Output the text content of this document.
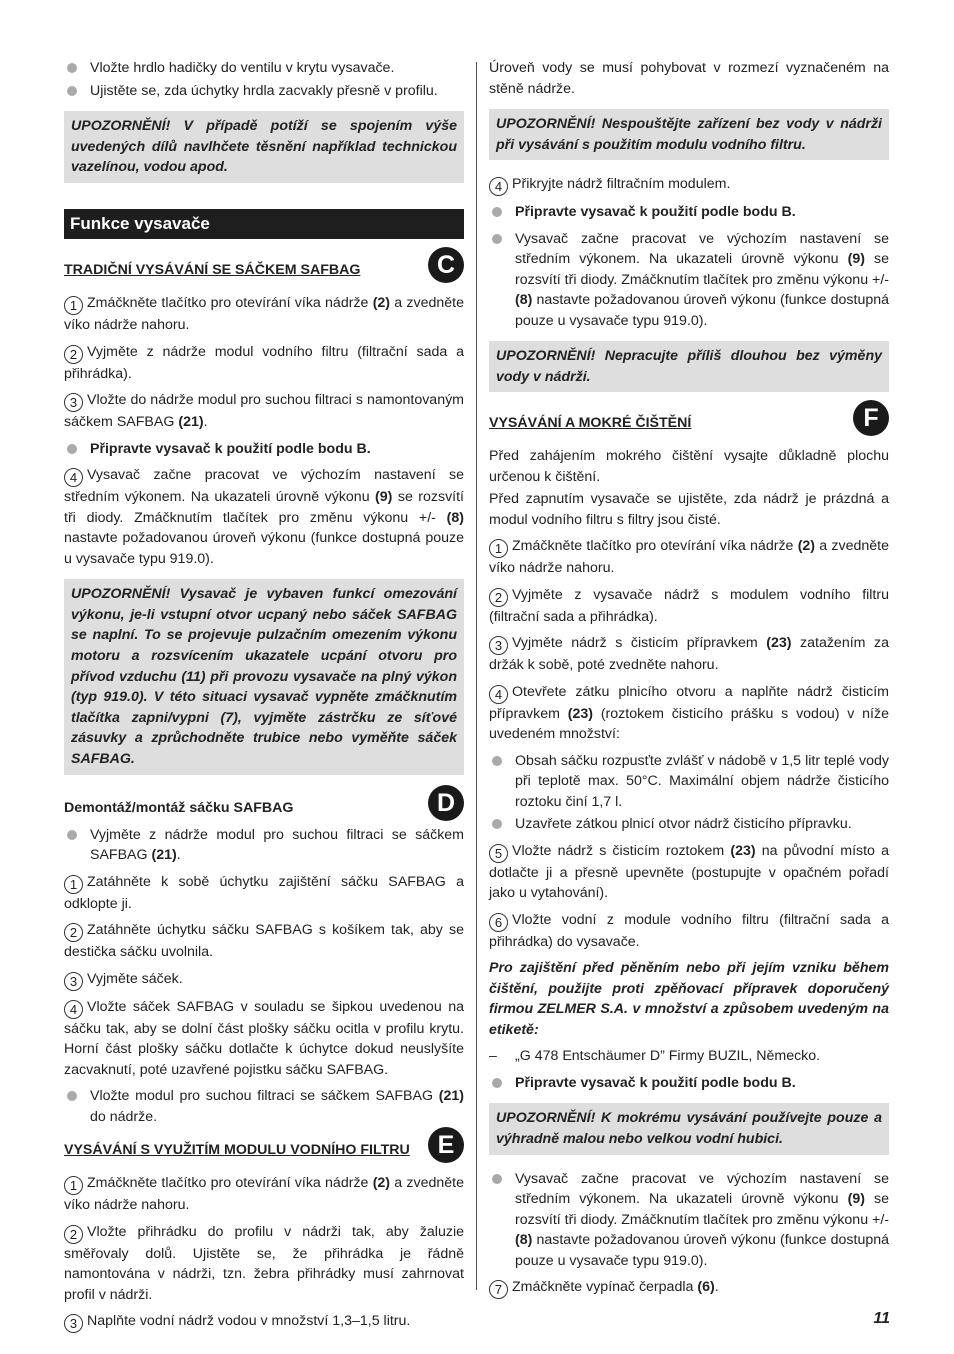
Vložte hrdlo hadičky do ventilu v krytu vysavače.
Ujistěte se, zda úchytky hrdla zacvakly přesně v profilu.
UPOZORNĚNÍ! V případě potíží se spojením výše uvedených dílů navlhčete těsnění například technickou vazelínou, vodou apod.
Funkce vysavače
TRADIČNÍ VYSÁVÁNÍ SE SÁČKEM SAFBAG	C

1 Zmáčkněte tlačítko pro otevírání víka nádrže (2) a zvedněte víko nádrže nahoru.

2 Vyjměte z nádrže modul vodního filtru (filtrační sada a přihrádka).

3 Vložte do nádrže modul pro suchou filtraci s namontovaným sáčkem SAFBAG (21).

Připravte vysavač k použití podle bodu B.

4 Vysavač začne pracovat ve výchozím nastavení se středním výkonem. Na ukazateli úrovně výkonu (9) se rozsvítí tři diody. Zmáčknutím tlačítek pro změnu výkonu +/- (8) nastavte požadovanou úroveň výkonu (funkce dostupná pouze u vysavače typu 919.0).

UPOZORNĚNÍ! Vysavač je vybaven funkcí omezování výkonu, je-li vstupní otvor ucpaný nebo sáček SAFBAG se naplní. To se projevuje pulzačním omezením výkonu motoru a rozsvícením ukazatele ucpání otvoru pro přívod vzduchu (11) při provozu vysavače na plný výkon (typ 919.0). V této situaci vysavač vypněte zmáčknutím tlačítka zapni/vypni (7), vyjměte zástrčku ze síťové zásuvky a zprůchodněte trubice nebo vyměňte sáček SAFBAG.
Demontáž/montáž sáčku SAFBAG	D
Vyjměte z nádrže modul pro suchou filtraci se sáčkem SAFBAG (21).

1 Zatáhněte k sobě úchytku zajištění sáčku SAFBAG a odklopte ji.

2 Zatáhněte úchytku sáčku SAFBAG s košíkem tak, aby se destička sáčku uvolnila.

3 Vyjměte sáček.

4 Vložte sáček SAFBAG v souladu se šipkou uvedenou na sáčku tak, aby se dolní část plošky sáčku ocitla v profilu krytu. Horní část plošky sáčku dotlačte k úchytce dokud neuslyšíte zacvaknutí, poté uzavřené pojistku sáčku SAFBAG.

Vložte modul pro suchou filtraci se sáčkem SAFBAG (21) do nádrže.
VYSÁVÁNÍ S VYUŽITÍM MODULU VODNÍHO FILTRU	E

1 Zmáčkněte tlačítko pro otevírání víka nádrže (2) a zvedněte víko nádrže nahoru.

2 Vložte přihrádku do profilu v nádrži tak, aby žaluzie směřovaly dolů. Ujistěte se, že přihrádka je řádně namontována v nádrži, tzn. žebra přihrádky musí zahrnovat profil v nádrži.

3 Naplňte vodní nádrž vodou v množství 1,3–1,5 litru.

Úroveň vody se musí pohybovat v rozmezí vyznačeném na stěně nádrže.

UPOZORNĚNÍ! Nespouštějte zařízení bez vody v nádrži při vysávání s použitím modulu vodního filtru.

4 Přikryjte nádrž filtračním modulem.

Připravte vysavač k použití podle bodu B.
Vysavač začne pracovat ve výchozím nastavení se středním výkonem. Na ukazateli úrovně výkonu (9) se rozsvítí tři diody. Zmáčknutím tlačítek pro změnu výkonu +/- (8) nastavte požadovanou úroveň výkonu (funkce dostupná pouze u vysavače typu 919.0).
UPOZORNĚNÍ! Nepracujte příliš dlouhou bez výměny vody v nádrži.
VYSÁVÁNÍ A MOKRÉ ČIŠTĚNÍ	F

Před zahájením mokrého čištění vysajte důkladně plochu určenou k čištění.

Před zapnutím vysavače se ujistěte, zda nádrž je prázdná a modul vodního filtru s filtry jsou čisté.

1 Zmáčkněte tlačítko pro otevírání víka nádrže (2) a zvedněte víko nádrže nahoru.

2 Vyjměte z vysavače nádrž s modulem vodního filtru (filtrační sada a přihrádka).

3 Vyjměte nádrž s čisticím přípravkem (23) zatažením za držák k sobě, poté zvedněte nahoru.

4 Otevřete zátku plnicího otvoru a naplňte nádrž čisticím přípravkem (23) (roztokem čisticího prášku s vodou) v níže uvedeném množství:

Obsah sáčku rozpusťte zvlášť v nádobě v 1,5 litr teplé vody při teplotě max. 50°C. Maximální objem nádrže čisticího roztoku činí 1,7 l.
Uzavřete zátkou plnicí otvor nádrž čisticího přípravku.

5 Vložte nádrž s čisticím roztokem (23) na původní místo a dotlačte ji a přesně upevněte (postupujte v opačném pořadí jako u vytahování).

6 Vložte vodní z module vodního filtru (filtrační sada a přihrádka) do vysavače.

Pro zajištění před pěněním nebo při jejím vzniku během čištění, použijte proti zpěňovací přípravek doporučený firmou ZELMER S.A. v množství a způsobem uvedeným na etiketě:

– „G 478 Entschäumer D” Firmy BUZIL, Německo.
Připravte vysavač k použití podle bodu B.
UPOZORNĚNÍ! K mokrému vysávání používejte pouze a výhradně malou nebo velkou vodní hubici.
Vysavač začne pracovat ve výchozím nastavení se středním výkonem. Na ukazateli úrovně výkonu (9) se rozsvítí tři diody. Zmáčknutím tlačítek pro změnu výkonu +/- (8) nastavte požadovanou úroveň výkonu (funkce dostupná pouze u vysavače typu 919.0).

7 Zmáčkněte vypínač čerpadla (6).

11
